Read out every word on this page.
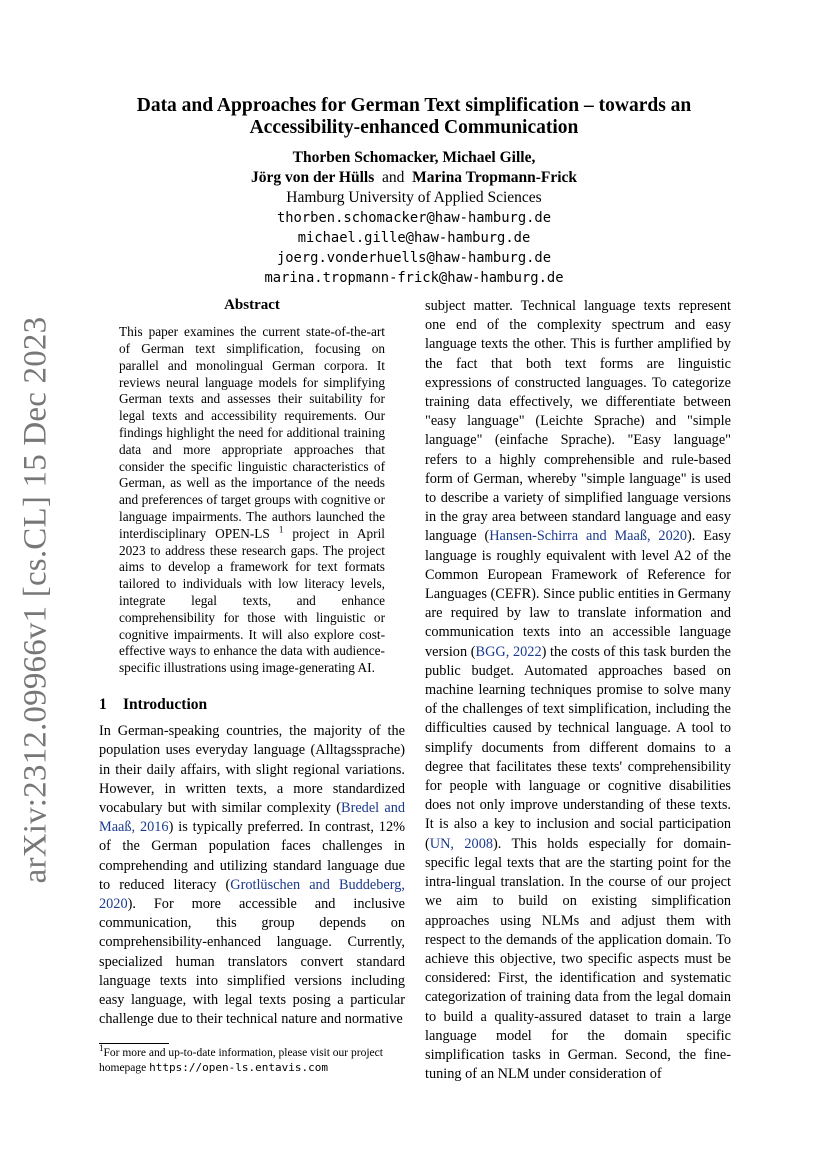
arXiv:2312.09966v1 [cs.CL] 15 Dec 2023
Data and Approaches for German Text simplification – towards an Accessibility-enhanced Communication
Thorben Schomacker, Michael Gille,
Jörg von der Hülls and Marina Tropmann-Frick
Hamburg University of Applied Sciences
thorben.schomacker@haw-hamburg.de
michael.gille@haw-hamburg.de
joerg.vonderhuells@haw-hamburg.de
marina.tropmann-frick@haw-hamburg.de
Abstract
This paper examines the current state-of-the-art of German text simplification, focusing on parallel and monolingual German corpora. It reviews neural language models for simplifying German texts and assesses their suitability for legal texts and accessibility requirements. Our findings highlight the need for additional training data and more appropriate approaches that consider the specific linguistic characteristics of German, as well as the importance of the needs and preferences of target groups with cognitive or language impairments. The authors launched the interdisciplinary OPEN-LS $^1$ project in April 2023 to address these research gaps. The project aims to develop a framework for text formats tailored to individuals with low literacy levels, integrate legal texts, and enhance comprehensibility for those with linguistic or cognitive impairments. It will also explore cost-effective ways to enhance the data with audience-specific illustrations using image-generating AI.
1 Introduction

In German-speaking countries, the majority of the population uses everyday language (Alltagssprache) in their daily affairs, with slight regional variations. However, in written texts, a more standardized vocabulary but with similar complexity (Bredel and Maaß, 2016) is typically preferred. In contrast, 12% of the German population faces challenges in comprehending and utilizing standard language due to reduced literacy (Grotlüschen and Buddeberg, 2020). For more accessible and inclusive communication, this group depends on comprehensibility-enhanced language. Currently, specialized human translators convert standard language texts into simplified versions including easy language, with legal texts posing a particular challenge due to their technical nature and normative

subject matter. Technical language texts represent one end of the complexity spectrum and easy language texts the other. This is further amplified by the fact that both text forms are linguistic expressions of constructed languages. To categorize training data effectively, we differentiate between "easy language" (Leichte Sprache) and "simple language" (einfache Sprache). "Easy language" refers to a highly comprehensible and rule-based form of German, whereby "simple language" is used to describe a variety of simplified language versions in the gray area between standard language and easy language (Hansen-Schirra and Maaß, 2020). Easy language is roughly equivalent with level A2 of the Common European Framework of Reference for Languages (CEFR). Since public entities in Germany are required by law to translate information and communication texts into an accessible language version (BGG, 2022) the costs of this task burden the public budget. Automated approaches based on machine learning techniques promise to solve many of the challenges of text simplification, including the difficulties caused by technical language. A tool to simplify documents from different domains to a degree that facilitates these texts' comprehensibility for people with language or cognitive disabilities does not only improve understanding of these texts. It is also a key to inclusion and social participation (UN, 2008). This holds especially for domain-specific legal texts that are the starting point for the intra-lingual translation. In the course of our project we aim to build on existing simplification approaches using NLMs and adjust them with respect to the demands of the application domain. To achieve this objective, two specific aspects must be considered: First, the identification and systematic categorization of training data from the legal domain to build a quality-assured dataset to train a large language model for the domain specific simplification tasks in German. Second, the fine-tuning of an NLM under consideration of

$^1$For more and up-to-date information, please visit our project homepage https://open-ls.entavis.com
